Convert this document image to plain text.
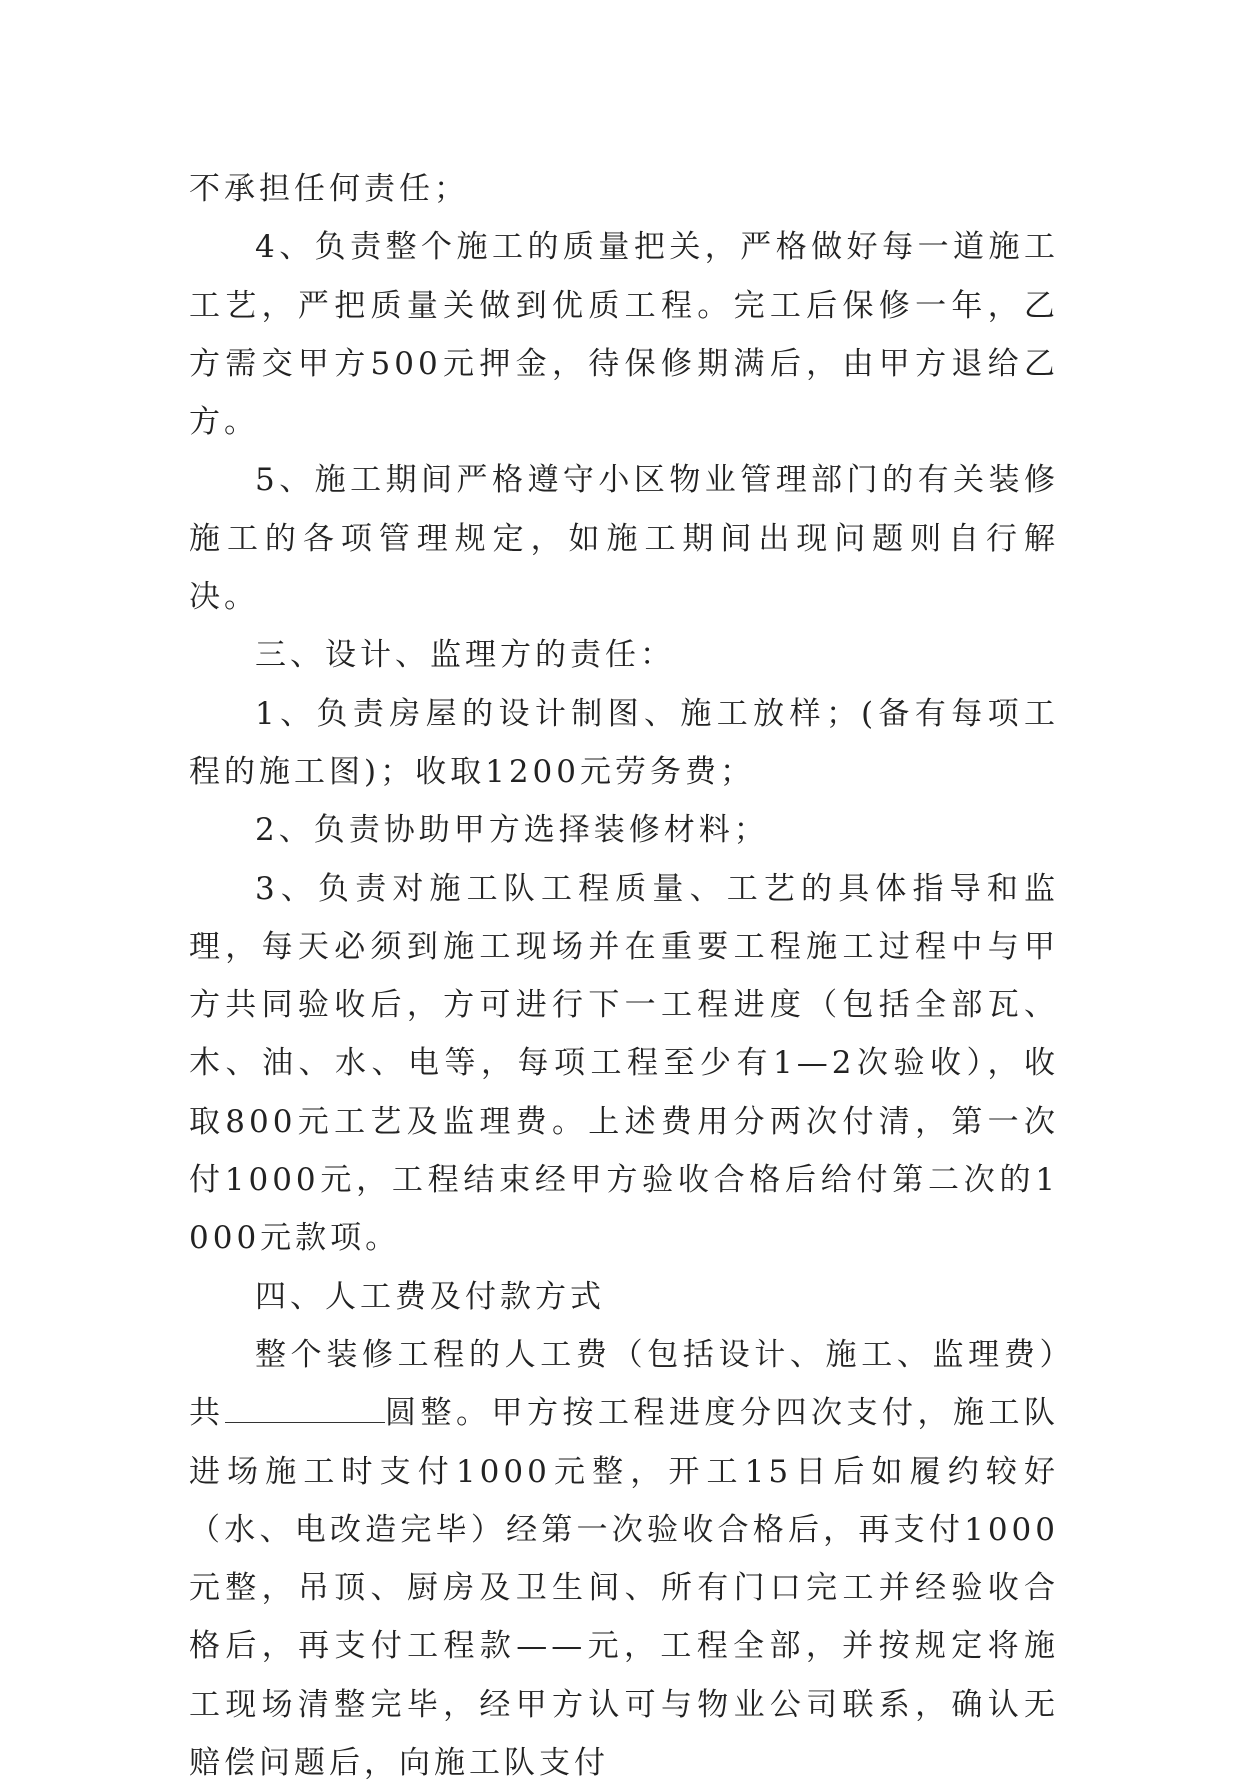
不承担任何责任；

4、负责整个施工的质量把关，严格做好每一道施工工艺，严把质量关做到优质工程。完工后保修一年，乙方需交甲方500元押金，待保修期满后，由甲方退给乙方。

5、施工期间严格遵守小区物业管理部门的有关装修施工的各项管理规定，如施工期间出现问题则自行解决。

三、设计、监理方的责任：

1、负责房屋的设计制图、施工放样；(备有每项工程的施工图)；收取1200元劳务费；

2、负责协助甲方选择装修材料；

3、负责对施工队工程质量、工艺的具体指导和监理，每天必须到施工现场并在重要工程施工过程中与甲方共同验收后，方可进行下一工程进度（包括全部瓦、木、油、水、电等，每项工程至少有1—2次验收），收取800元工艺及监理费。上述费用分两次付清，第一次付1000元，工程结束经甲方验收合格后给付第二次的1000元款项。

四、人工费及付款方式

整个装修工程的人工费（包括设计、施工、监理费）共	圆整。甲方按工程进度分四次支付，施工队进场施工时支付1000元整，开工15日后如履约较好（水、电改造完毕）经第一次验收合格后，再支付1000元整，吊顶、厨房及卫生间、所有门口完工并经验收合格后，再支付工程款——元，工程全部，并按规定将施工现场清整完毕，经甲方认可与物业公司联系，确认无赔偿问题后，向施工队支付
